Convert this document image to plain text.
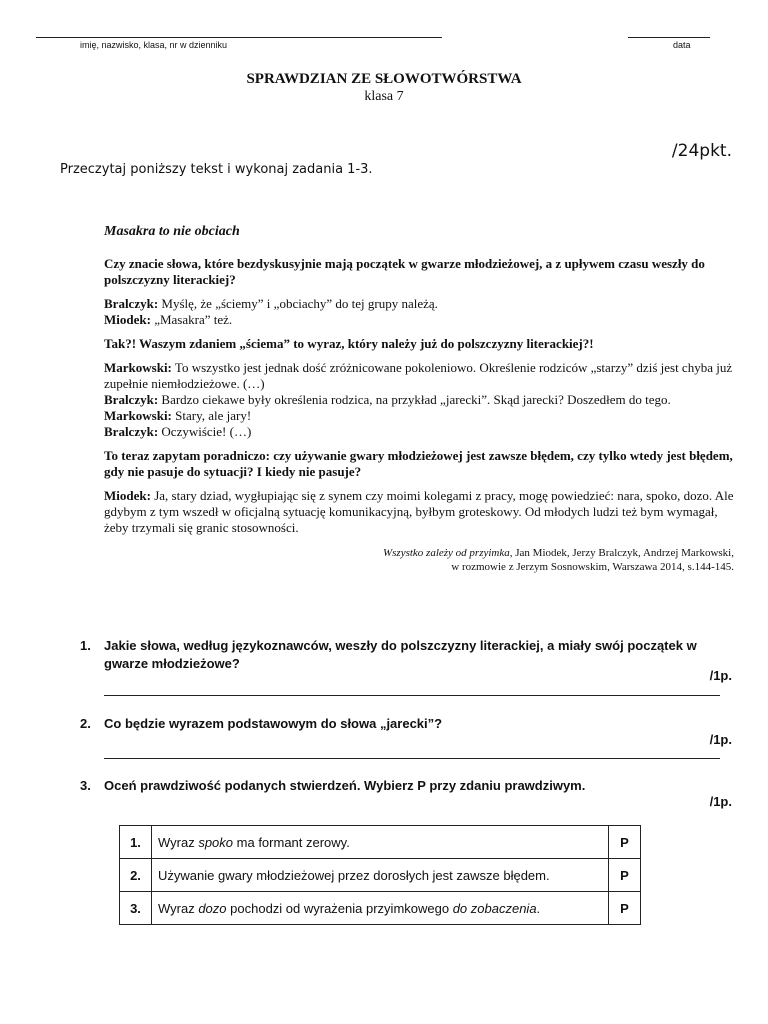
imię, nazwisko, klasa, nr w dzienniku	data
SPRAWDZIAN ZE SŁOWOTWÓRSTWA
klasa 7
/24pkt.
Przeczytaj poniższy tekst i wykonaj zadania 1-3.

Masakra to nie obciach

Czy znacie słowa, które bezdyskusyjnie mają początek w gwarze młodzieżowej, a z upływem czasu weszły do polszczyzny literackiej?

Bralczyk: Myślę, że „ściemy” i „obciachy” do tej grupy należą.

Miodek: „Masakra” też.

Tak?! Waszym zdaniem „ściema” to wyraz, który należy już do polszczyzny literackiej?!

Markowski: To wszystko jest jednak dość zróżnicowane pokoleniowo. Określenie rodziców „starzy” dziś jest chyba już zupełnie niemłodzieżowe. (…)

Bralczyk: Bardzo ciekawe były określenia rodzica, na przykład „jarecki”. Skąd jarecki? Doszedłem do tego.

Markowski: Stary, ale jary!

Bralczyk: Oczywiście! (…)

To teraz zapytam poradniczo: czy używanie gwary młodzieżowej jest zawsze błędem, czy tylko wtedy jest błędem, gdy nie pasuje do sytuacji? I kiedy nie pasuje?

Miodek: Ja, stary dziad, wygłupiając się z synem czy moimi kolegami z pracy, mogę powiedzieć: nara, spoko, dozo. Ale gdybym z tym wszedł w oficjalną sytuację komunikacyjną, byłbym groteskowy. Od młodych ludzi też bym wymagał, żeby trzymali się granic stosowności.

Wszystko zależy od przyimka, Jan Miodek, Jerzy Bralczyk, Andrzej Markowski,
w rozmowie z Jerzym Sosnowskim, Warszawa 2014, s.144-145.

1. Jakie słowa, według językoznawców, weszły do polszczyzny literackiej, a miały swój początek w gwarze młodzieżowe?
/1p.
2. Co będzie wyrazem podstawowym do słowa „jarecki”?
/1p.
3. Oceń prawdziwość podanych stwierdzeń. Wybierz P przy zdaniu prawdziwym.
/1p.
1.	Wyraz spoko ma formant zerowy.	P
2.	Używanie gwary młodzieżowej przez dorosłych jest zawsze błędem.	P
3.	Wyraz dozo pochodzi od wyrażenia przyimkowego do zobaczenia.	P
